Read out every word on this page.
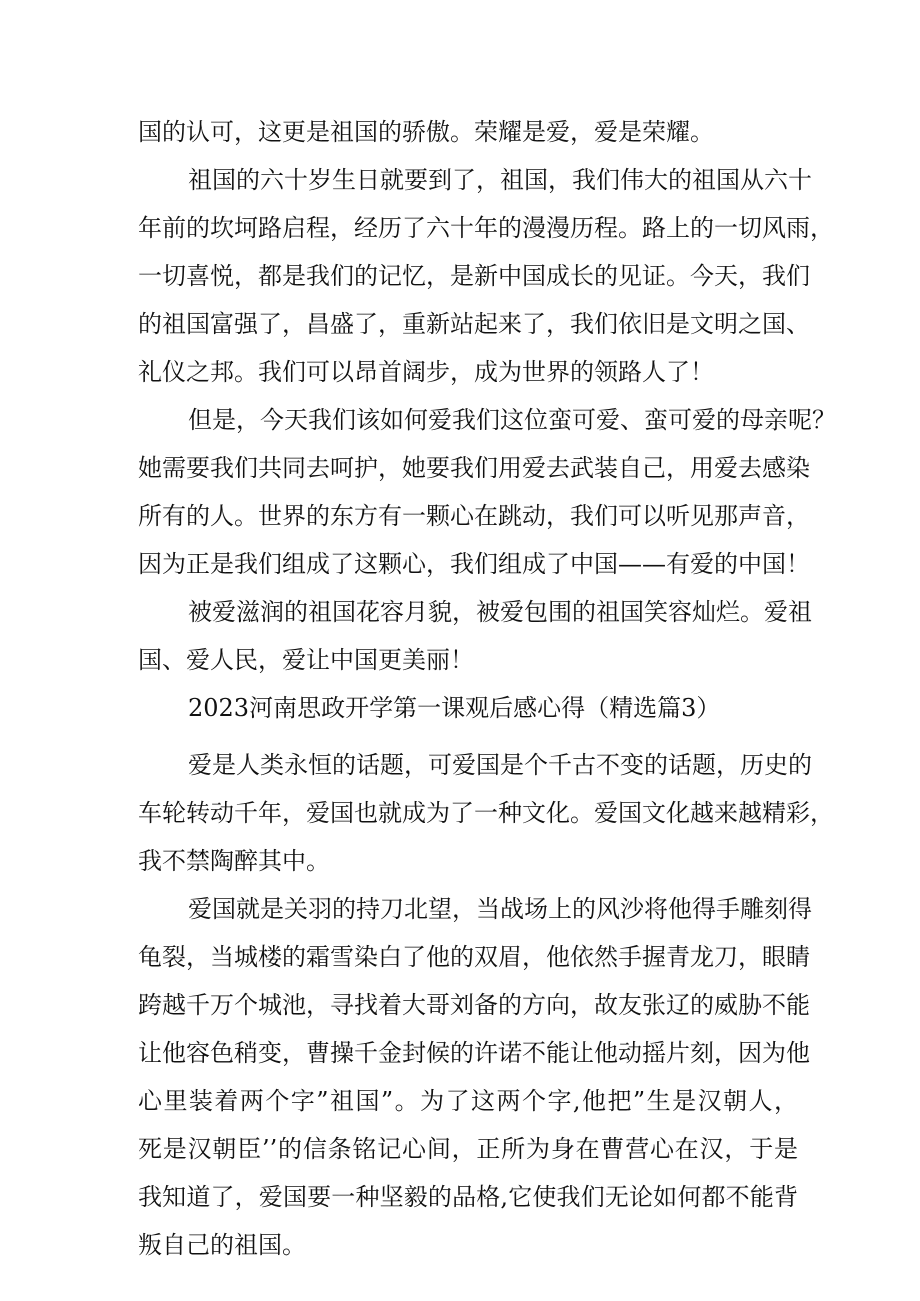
国的认可，这更是祖国的骄傲。荣耀是爱，爱是荣耀。
祖国的六十岁生日就要到了，祖国，我们伟大的祖国从六十
年前的坎坷路启程，经历了六十年的漫漫历程。路上的一切风雨，
一切喜悦，都是我们的记忆，是新中国成长的见证。今天，我们
的祖国富强了，昌盛了，重新站起来了，我们依旧是文明之国、
礼仪之邦。我们可以昂首阔步，成为世界的领路人了！
但是，今天我们该如何爱我们这位蛮可爱、蛮可爱的母亲呢？
她需要我们共同去呵护，她要我们用爱去武装自己，用爱去感染
所有的人。世界的东方有一颗心在跳动，我们可以听见那声音，
因为正是我们组成了这颗心，我们组成了中国——有爱的中国！
被爱滋润的祖国花容月貌，被爱包围的祖国笑容灿烂。爱祖
国、爱人民，爱让中国更美丽！
2023河南思政开学第一课观后感心得（精选篇3）
爱是人类永恒的话题，可爱国是个千古不变的话题，历史的
车轮转动千年，爱国也就成为了一种文化。爱国文化越来越精彩，
我不禁陶醉其中。
爱国就是关羽的持刀北望，当战场上的风沙将他得手雕刻得
龟裂，当城楼的霜雪染白了他的双眉，他依然手握青龙刀，眼睛
跨越千万个城池，寻找着大哥刘备的方向，故友张辽的威胁不能
让他容色稍变，曹操千金封候的许诺不能让他动摇片刻，因为他
心里装着两个字”祖国”。为了这两个字,他把”生是汉朝人，
死是汉朝臣’’的信条铭记心间，正所为身在曹营心在汉，于是
我知道了，爱国要一种坚毅的品格,它使我们无论如何都不能背
叛自己的祖国。
